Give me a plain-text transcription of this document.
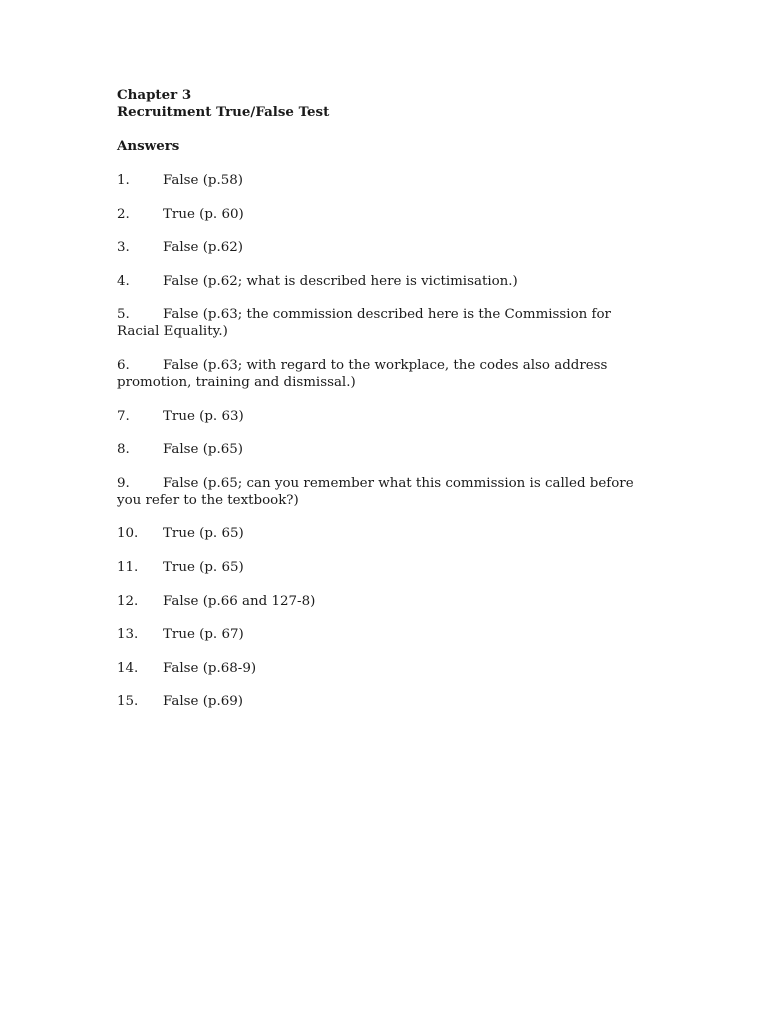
Chapter 3

Recruitment True/False Test

Answers

1. False (p.58)
2. True (p. 60)
3. False (p.62)
4. False (p.62; what is described here is victimisation.)
5. False (p.63; the commission described here is the Commission for Racial Equality.)
6. False (p.63; with regard to the workplace, the codes also address promotion, training and dismissal.)
7. True (p. 63)
8. False (p.65)
9. False (p.65; can you remember what this commission is called before you refer to the textbook?)
10. True (p. 65)
11. True (p. 65)
12. False (p.66 and 127-8)
13. True (p. 67)
14. False (p.68-9)
15. False (p.69)
